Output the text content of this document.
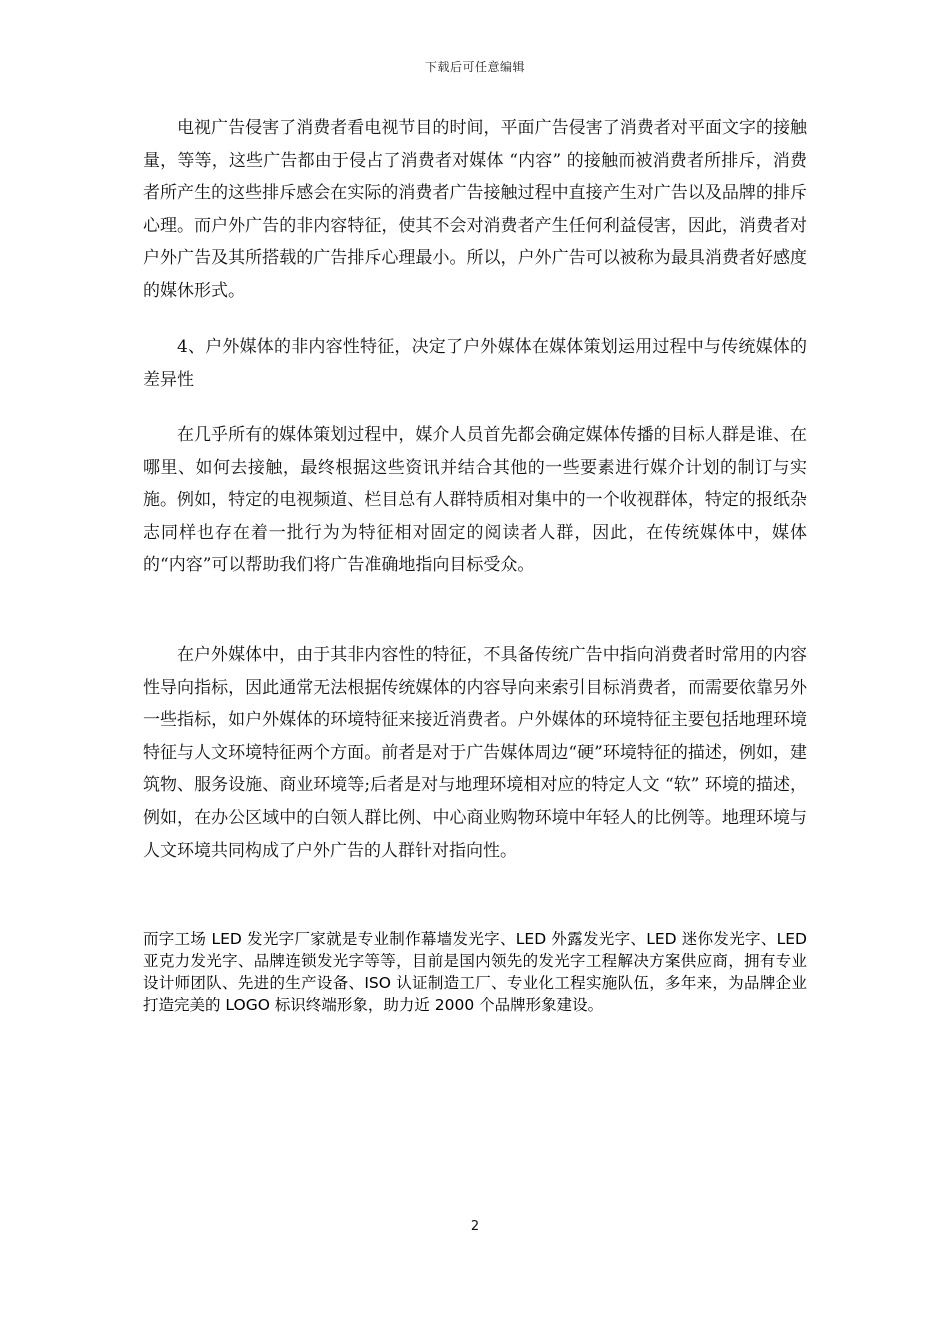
下载后可任意编辑

电视广告侵害了消费者看电视节目的时间，平面广告侵害了消费者对平面文字的接触量，等等，这些广告都由于侵占了消费者对媒体 “内容” 的接触而被消费者所排斥，消费者所产生的这些排斥感会在实际的消费者广告接触过程中直接产生对广告以及品牌的排斥心理。而户外广告的非内容特征，使其不会对消费者产生任何利益侵害，因此，消费者对户外广告及其所搭载的广告排斥心理最小。所以，户外广告可以被称为最具消费者好感度的媒休形式。

4、户外媒体的非内容性特征，决定了户外媒体在媒体策划运用过程中与传统媒体的差异性

在几乎所有的媒体策划过程中，媒介人员首先都会确定媒体传播的目标人群是谁、在哪里、如何去接触，最终根据这些资讯并结合其他的一些要素进行媒介计划的制订与实施。例如，特定的电视频道、栏目总有人群特质相对集中的一个收视群体，特定的报纸杂志同样也存在着一批行为为特征相对固定的阅读者人群，因此，在传统媒体中，媒体的“内容”可以帮助我们将广告准确地指向目标受众。

在户外媒体中，由于其非内容性的特征，不具备传统广告中指向消费者时常用的内容性导向指标，因此通常无法根据传统媒体的内容导向来索引目标消费者，而需要依靠另外一些指标，如户外媒体的环境特征来接近消费者。户外媒体的环境特征主要包括地理环境特征与人文环境特征两个方面。前者是对于广告媒体周边“硬”环境特征的描述，例如，建筑物、服务设施、商业环境等;后者是对与地理环境相对应的特定人文 “软” 环境的描述，例如，在办公区域中的白领人群比例、中心商业购物环境中年轻人的比例等。地理环境与人文环境共同构成了户外广告的人群针对指向性。

而字工场 LED 发光字厂家就是专业制作幕墙发光字、LED 外露发光字、LED 迷你发光字、LED 亚克力发光字、品牌连锁发光字等等，目前是国内领先的发光字工程解决方案供应商，拥有专业设计师团队、先进的生产设备、ISO 认证制造工厂、专业化工程实施队伍，多年来，为品牌企业打造完美的 LOGO 标识终端形象，助力近 2000 个品牌形象建设。

2
